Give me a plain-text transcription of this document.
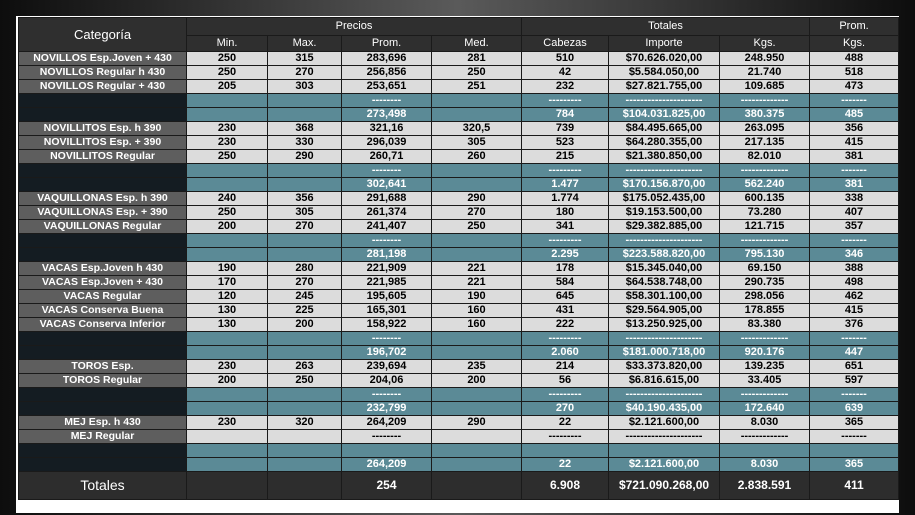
Categoría	Precios				Totales			Prom.
	Min.	Max.	Prom.	Med.	Cabezas	Importe	Kgs.	Kgs.
NOVILLOS Esp.Joven + 430	250	315	283,696	281	510	$70.626.020,00	248.950	488
NOVILLOS Regular h 430	250	270	256,856	250	42	$5.584.050,00	21.740	518
NOVILLOS Regular + 430	205	303	253,651	251	232	$27.821.755,00	109.685	473
			--------		---------	---------------------	-------------	-------
			273,498		784	$104.031.825,00	380.375	485
NOVILLITOS Esp. h 390	230	368	321,16	320,5	739	$84.495.665,00	263.095	356
NOVILLITOS Esp. + 390	230	330	296,039	305	523	$64.280.355,00	217.135	415
NOVILLITOS Regular	250	290	260,71	260	215	$21.380.850,00	82.010	381
			--------		---------	---------------------	-------------	-------
			302,641		1.477	$170.156.870,00	562.240	381
VAQUILLONAS Esp. h 390	240	356	291,688	290	1.774	$175.052.435,00	600.135	338
VAQUILLONAS Esp. + 390	250	305	261,374	270	180	$19.153.500,00	73.280	407
VAQUILLONAS Regular	200	270	241,407	250	341	$29.382.885,00	121.715	357
			--------		---------	---------------------	-------------	-------
			281,198		2.295	$223.588.820,00	795.130	346
VACAS Esp.Joven h 430	190	280	221,909	221	178	$15.345.040,00	69.150	388
VACAS Esp.Joven + 430	170	270	221,985	221	584	$64.538.748,00	290.735	498
VACAS Regular	120	245	195,605	190	645	$58.301.100,00	298.056	462
VACAS Conserva Buena	130	225	165,301	160	431	$29.564.905,00	178.855	415
VACAS Conserva Inferior	130	200	158,922	160	222	$13.250.925,00	83.380	376
			--------		---------	---------------------	-------------	-------
			196,702		2.060	$181.000.718,00	920.176	447
TOROS Esp.	230	263	239,694	235	214	$33.373.820,00	139.235	651
TOROS Regular	200	250	204,06	200	56	$6.816.615,00	33.405	597
			--------		---------	---------------------	-------------	-------
			232,799		270	$40.190.435,00	172.640	639
MEJ Esp. h 430	230	320	264,209	290	22	$2.121.600,00	8.030	365
MEJ Regular			--------		---------	---------------------	-------------	-------

			264,209		22	$2.121.600,00	8.030	365
Totales			254		6.908	$721.090.268,00	2.838.591	411
